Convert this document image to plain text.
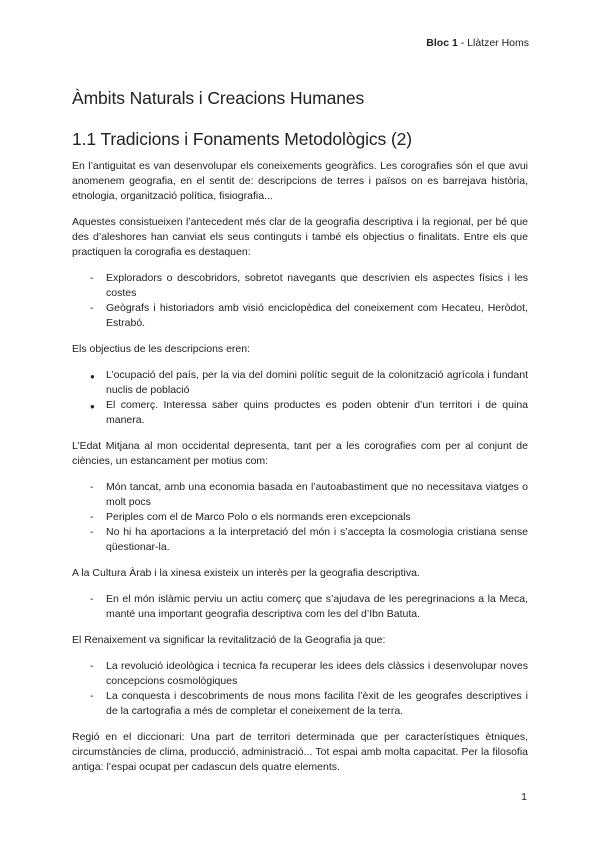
Bloc 1 - Llàtzer Homs
Àmbits Naturals i Creacions Humanes
1.1 Tradicions i Fonaments Metodològics (2)

En l’antiguitat es van desenvolupar els coneixements geogràfics. Les corografies són el que avui anomenem geografia, en el sentit de: descripcions de terres i països on es barrejava història, etnologia, organització política, fisiografia...

Aquestes consistueixen l’antecedent més clar de la geografia descriptiva i la regional, per bé que des d’aleshores han canviat els seus continguts i també els objectius o finalitats. Entre els que practiquen la corografia es destaquen:

- Exploradors o descobridors, sobretot navegants que descrivien els aspectes físics i les costes
- Geògrafs i historiadors amb visió enciclopèdica del coneixement com Hecateu, Heròdot, Estrabó.

Els objectius de les descripcions eren:

● L’ocupació del país, per la via del domini polític seguit de la colonització agrícola i fundant nuclis de població
● El comerç. Interessa saber quins productes es poden obtenir d’un territori i de quina manera.

L’Edat Mitjana al mon occidental depresenta, tant per a les corografies com per al conjunt de ciències, un estancament per motius com:

- Món tancat, amb una economia basada en l’autoabastiment que no necessitava viatges o molt pocs
- Periples com el de Marco Polo o els normands eren excepcionals
- No hi ha aportacions a la interpretació del món i s’accepta la cosmologia cristiana sense qüestionar-la.

A la Cultura Àrab i la xinesa existeix un interès per la geografia descriptiva.

- En el món islàmic perviu un actiu comerç que s’ajudava de les peregrinacions a la Meca, manté una important geografia descriptiva com les del d’Ibn Batuta.

El Renaixement va significar la revitalització de la Geografia ja que:

- La revolució ideològica i tecnica fa recuperar les idees dels clàssics i desenvolupar noves concepcions cosmològiques
- La conquesta i descobriments de nous mons facilita l’èxit de les geografes descriptives i de la cartografia a més de completar el coneixement de la terra.

Regió en el diccionari: Una part de territori determinada que per característiques ètniques, circumstàncies de clima, producció, administració... Tot espai amb molta capacitat. Per la filosofia antiga: l’espai ocupat per cadascun dels quatre elements.

1
